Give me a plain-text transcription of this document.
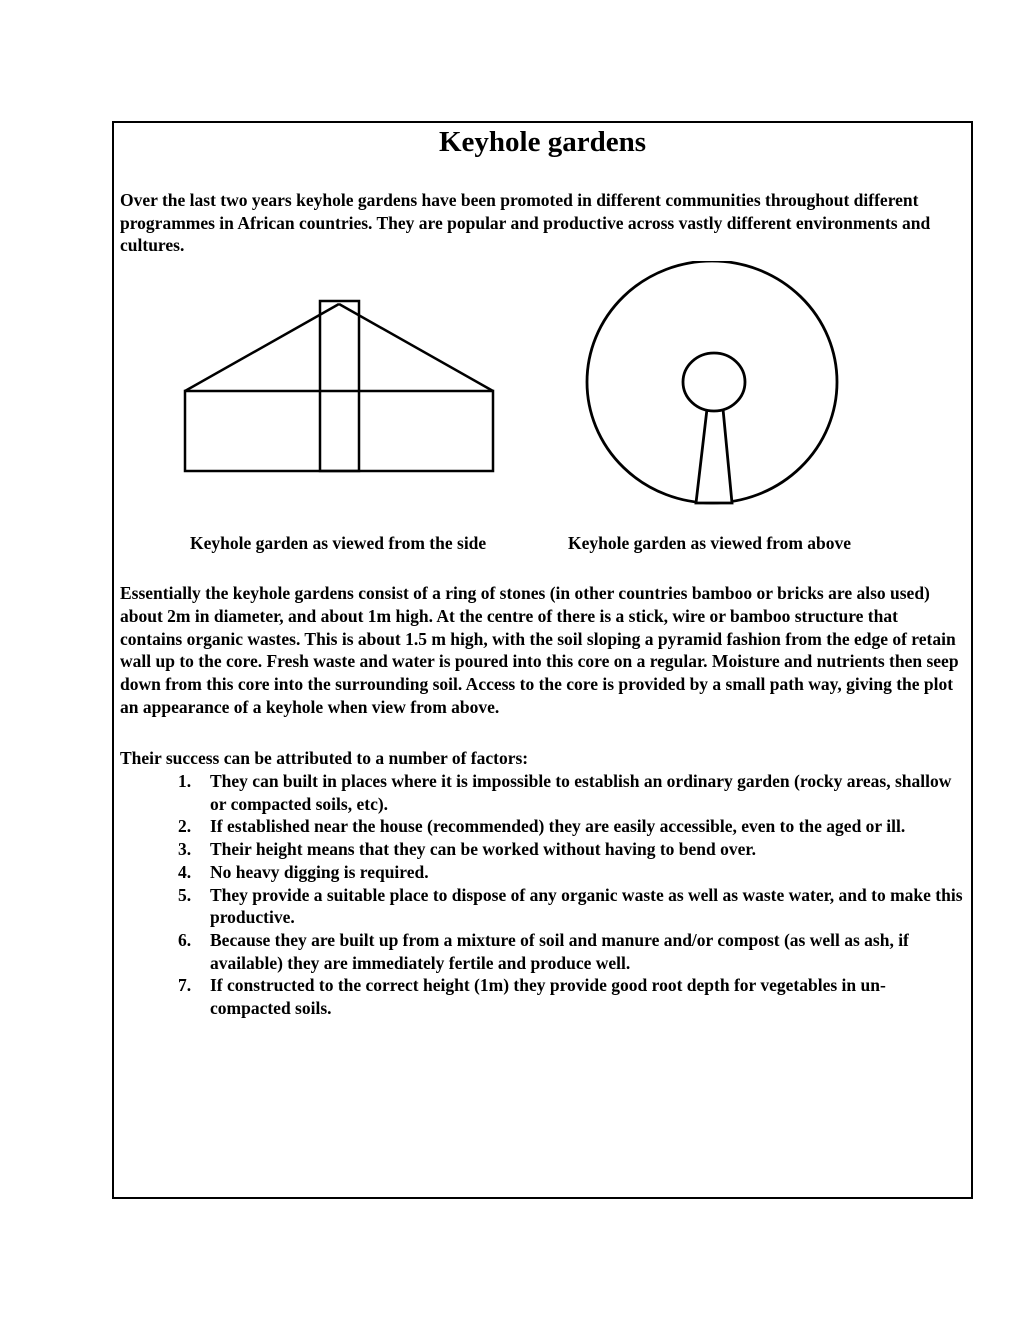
Keyhole gardens

Over the last two years keyhole gardens have been promoted in different communities throughout different programmes in African countries. They are popular and productive across vastly different environments and cultures.

Keyhole garden as viewed from the side	Keyhole garden as viewed from above

Essentially the keyhole gardens consist of a ring of stones (in other countries bamboo or bricks are also used) about 2m in diameter, and about 1m high. At the centre of there is a stick, wire or bamboo structure that contains organic wastes. This is about 1.5 m high, with the soil sloping a pyramid fashion from the edge of retain wall up to the core. Fresh waste and water is poured into this core on a regular. Moisture and nutrients then seep down from this core into the surrounding soil. Access to the core is provided by a small path way, giving the plot an appearance of a keyhole when view from above.

Their success can be attributed to a number of factors:

They can built in places where it is impossible to establish an ordinary garden (rocky areas, shallow or compacted soils, etc).
If established near the house (recommended) they are easily accessible, even to the aged or ill.
Their height means that they can be worked without having to bend over.
No heavy digging is required.
They provide a suitable place to dispose of any organic waste as well as waste water, and to make this productive.
Because they are built up from a mixture of soil and manure and/or compost (as well as ash, if available) they are immediately fertile and produce well.
If constructed to the correct height (1m) they provide good root depth for vegetables in un-compacted soils.
